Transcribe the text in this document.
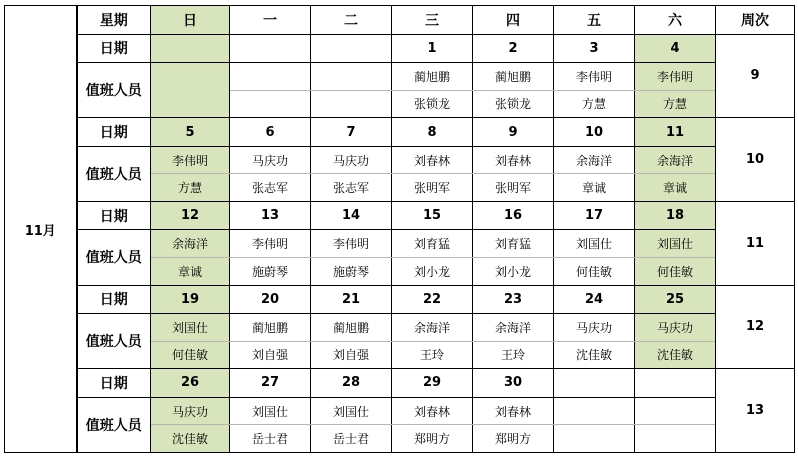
11月	星期	日	一	二	三	四	五	六	周次
	日期				1	2	3	4	9
	值班人员				蔺旭鹏	蔺旭鹏	李伟明	李伟明	
					张锁龙	张锁龙	方慧	方慧	
	日期	5	6	7	8	9	10	11	10
	值班人员	李伟明	马庆功	马庆功	刘春林	刘春林	余海洋	余海洋	
		方慧	张志军	张志军	张明军	张明军	章诚	章诚	
	日期	12	13	14	15	16	17	18	11
	值班人员	余海洋	李伟明	李伟明	刘育猛	刘育猛	刘国仕	刘国仕	
		章诚	施蔚琴	施蔚琴	刘小龙	刘小龙	何佳敏	何佳敏	
	日期	19	20	21	22	23	24	25	12
	值班人员	刘国仕	蔺旭鹏	蔺旭鹏	余海洋	余海洋	马庆功	马庆功	
		何佳敏	刘自强	刘自强	王玲	王玲	沈佳敏	沈佳敏	
	日期	26	27	28	29	30			13
	值班人员	马庆功	刘国仕	刘国仕	刘春林	刘春林			
		沈佳敏	岳士君	岳士君	郑明方	郑明方			
